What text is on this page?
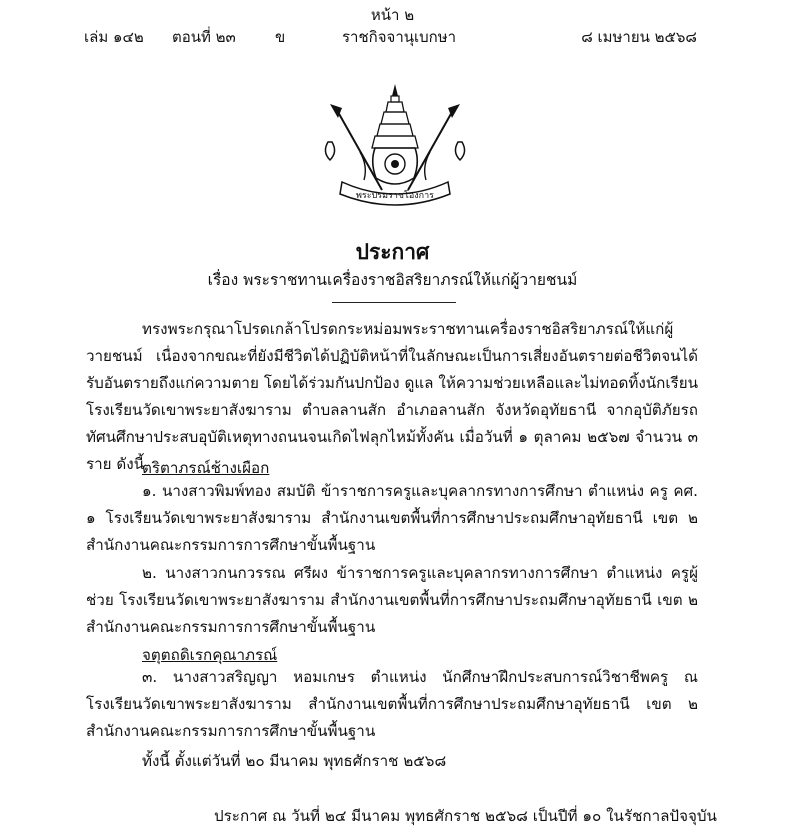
หน้า ๒
เล่ม ๑๔๒ ตอนที่ ๒๓	ข	ราชกิจจานุเบกษา	๘ เมษายน ๒๕๖๘
พระบรมราชโองการ
ประกาศ
เรื่อง พระราชทานเครื่องราชอิสริยาภรณ์ให้แก่ผู้วายชนม์
ทรงพระกรุณาโปรดเกล้าโปรดกระหม่อมพระราชทานเครื่องราชอิสริยาภรณ์ให้แก่ผู้วายชนม์ เนื่องจากขณะที่ยังมีชีวิตได้ปฏิบัติหน้าที่ในลักษณะเป็นการเสี่ยงอันตรายต่อชีวิตจนได้รับอันตรายถึงแก่ความตาย โดยได้ร่วมกันปกป้อง ดูแล ให้ความช่วยเหลือและไม่ทอดทิ้งนักเรียนโรงเรียนวัดเขาพระยาสังฆาราม ตำบลลานสัก อำเภอลานสัก จังหวัดอุทัยธานี จากอุบัติภัยรถทัศนศึกษาประสบอุบัติเหตุทางถนนจนเกิดไฟลุกไหม้ทั้งคัน เมื่อวันที่ ๑ ตุลาคม ๒๕๖๗ จำนวน ๓ ราย ดังนี้
ตริตาภรณ์ช้างเผือก
๑. นางสาวพิมพ์ทอง สมบัติ ข้าราชการครูและบุคลากรทางการศึกษา ตำแหน่ง ครู คศ. ๑ โรงเรียนวัดเขาพระยาสังฆาราม สำนักงานเขตพื้นที่การศึกษาประถมศึกษาอุทัยธานี เขต ๒ สำนักงานคณะกรรมการการศึกษาขั้นพื้นฐาน
๒. นางสาวกนกวรรณ ศรีผง ข้าราชการครูและบุคลากรทางการศึกษา ตำแหน่ง ครูผู้ช่วย โรงเรียนวัดเขาพระยาสังฆาราม สำนักงานเขตพื้นที่การศึกษาประถมศึกษาอุทัยธานี เขต ๒ สำนักงานคณะกรรมการการศึกษาขั้นพื้นฐาน
จตุตถดิเรกคุณาภรณ์
๓. นางสาวสริญญา หอมเกษร ตำแหน่ง นักศึกษาฝึกประสบการณ์วิชาชีพครู ณ โรงเรียนวัดเขาพระยาสังฆาราม สำนักงานเขตพื้นที่การศึกษาประถมศึกษาอุทัยธานี เขต ๒ สำนักงานคณะกรรมการการศึกษาขั้นพื้นฐาน
ทั้งนี้ ตั้งแต่วันที่ ๒๐ มีนาคม พุทธศักราช ๒๕๖๘
ประกาศ ณ วันที่ ๒๔ มีนาคม พุทธศักราช ๒๕๖๘ เป็นปีที่ ๑๐ ในรัชกาลปัจจุบัน
